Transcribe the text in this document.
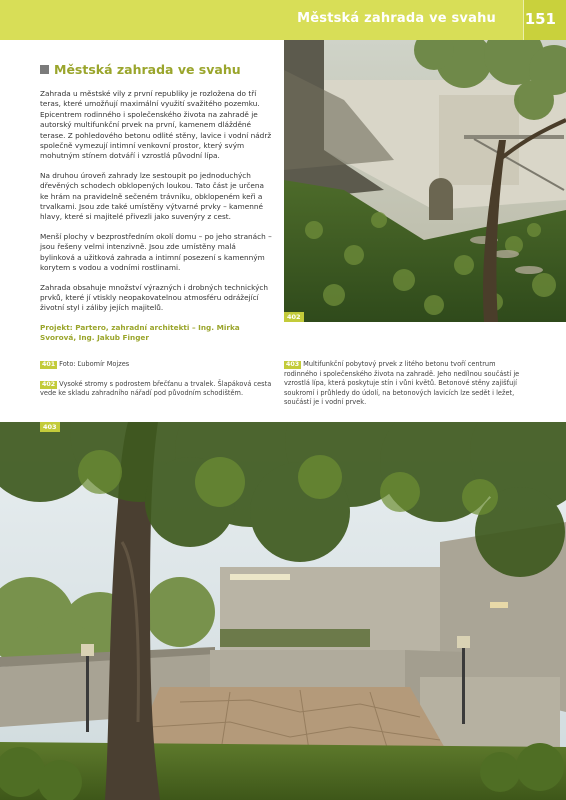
Městská zahrada ve svahu 151
Městská zahrada ve svahu

Zahrada u městské vily z první republiky je rozložena do tří teras, které umožňují maximální využití svažitého pozemku. Epicentrem rodinného i společenského života na zahradě je autorský multifunkční prvek na první, kamenem dlážděné terase. Z pohledového betonu odlité stěny, lavice i vodní nádrž společně vymezují intimní venkovní prostor, který svým mohutným stínem dotváří i vzrostlá původní lípa.

Na druhou úroveň zahrady lze sestoupit po jednoduchých dřevěných schodech obklopených loukou. Tato část je určena ke hrám na pravidelně sečeném trávníku, obklopeném keři a trvalkami. Jsou zde také umístěny výtvarné prvky – kamenné hlavy, které si majitelé přivezli jako suvenýry z cest.

Menší plochy v bezprostředním okolí domu – po jeho stranách – jsou řešeny velmi intenzivně. Jsou zde umístěny malá bylinková a užitková zahrada a intimní posezení s kamenným korytem s vodou a vodními rostlinami.

Zahrada obsahuje množství výrazných i drobných technických prvků, které jí vtiskly neopakovatelnou atmosféru odrážející životní styl i záliby jejích majitelů.

Projekt: Partero, zahradní architekti – Ing. Mirka Svorová, Ing. Jakub Finger

402

401 Foto: Ľubomír Mojzes

402 Vysoké stromy s podrostem břečťanu a trvalek. Šlapáková cesta vede ke skladu zahradního nářadí pod původním schodištěm.

403 Multifunkční pobytový prvek z litého betonu tvoří centrum rodinného i společenského života na zahradě. Jeho nedílnou součástí je vzrostlá lípa, která poskytuje stín i vůni květů. Betonové stěny zajišťují soukromí i průhledy do údolí, na betonových lavicích lze sedět i ležet, součástí je i vodní prvek.

403
